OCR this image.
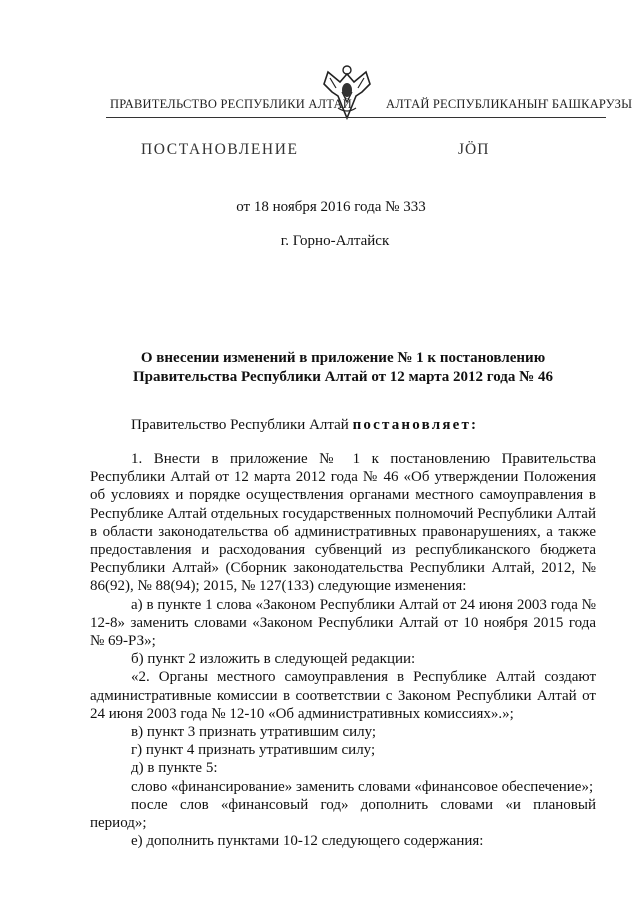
ПРАВИТЕЛЬСТВО РЕСПУБЛИКИ АЛТАЙ	АЛТАЙ РЕСПУБЛИКАНЫҤ БАШКАРУЗЫ
ПОСТАНОВЛЕНИЕ	JӦП
от 18 ноября 2016 года № 333
г. Горно-Алтайск
О внесении изменений в приложение № 1 к постановлению
Правительства Республики Алтай от 12 марта 2012 года № 46
Правительство Республики Алтай постановляет:

1. Внести в приложение № 1 к постановлению Правительства Республики Алтай от 12 марта 2012 года № 46 «Об утверждении Положения об условиях и порядке осуществления органами местного самоуправления в Республике Алтай отдельных государственных полномочий Республики Алтай в области законодательства об административных правонарушениях, а также предоставления и расходования субвенций из республиканского бюджета Республики Алтай» (Сборник законодательства Республики Алтай, 2012, № 86(92), № 88(94); 2015, № 127(133) следующие изменения:

а) в пункте 1 слова «Законом Республики Алтай от 24 июня 2003 года № 12-8» заменить словами «Законом Республики Алтай от 10 ноября 2015 года № 69-РЗ»;

б) пункт 2 изложить в следующей редакции:

«2. Органы местного самоуправления в Республике Алтай создают административные комиссии в соответствии с Законом Республики Алтай от 24 июня 2003 года № 12-10 «Об административных комиссиях».»;

в) пункт 3 признать утратившим силу;

г) пункт 4 признать утратившим силу;

д) в пункте 5:

слово «финансирование» заменить словами «финансовое обеспечение»;

после слов «финансовый год» дополнить словами «и плановый период»;

е) дополнить пунктами 10-12 следующего содержания:
